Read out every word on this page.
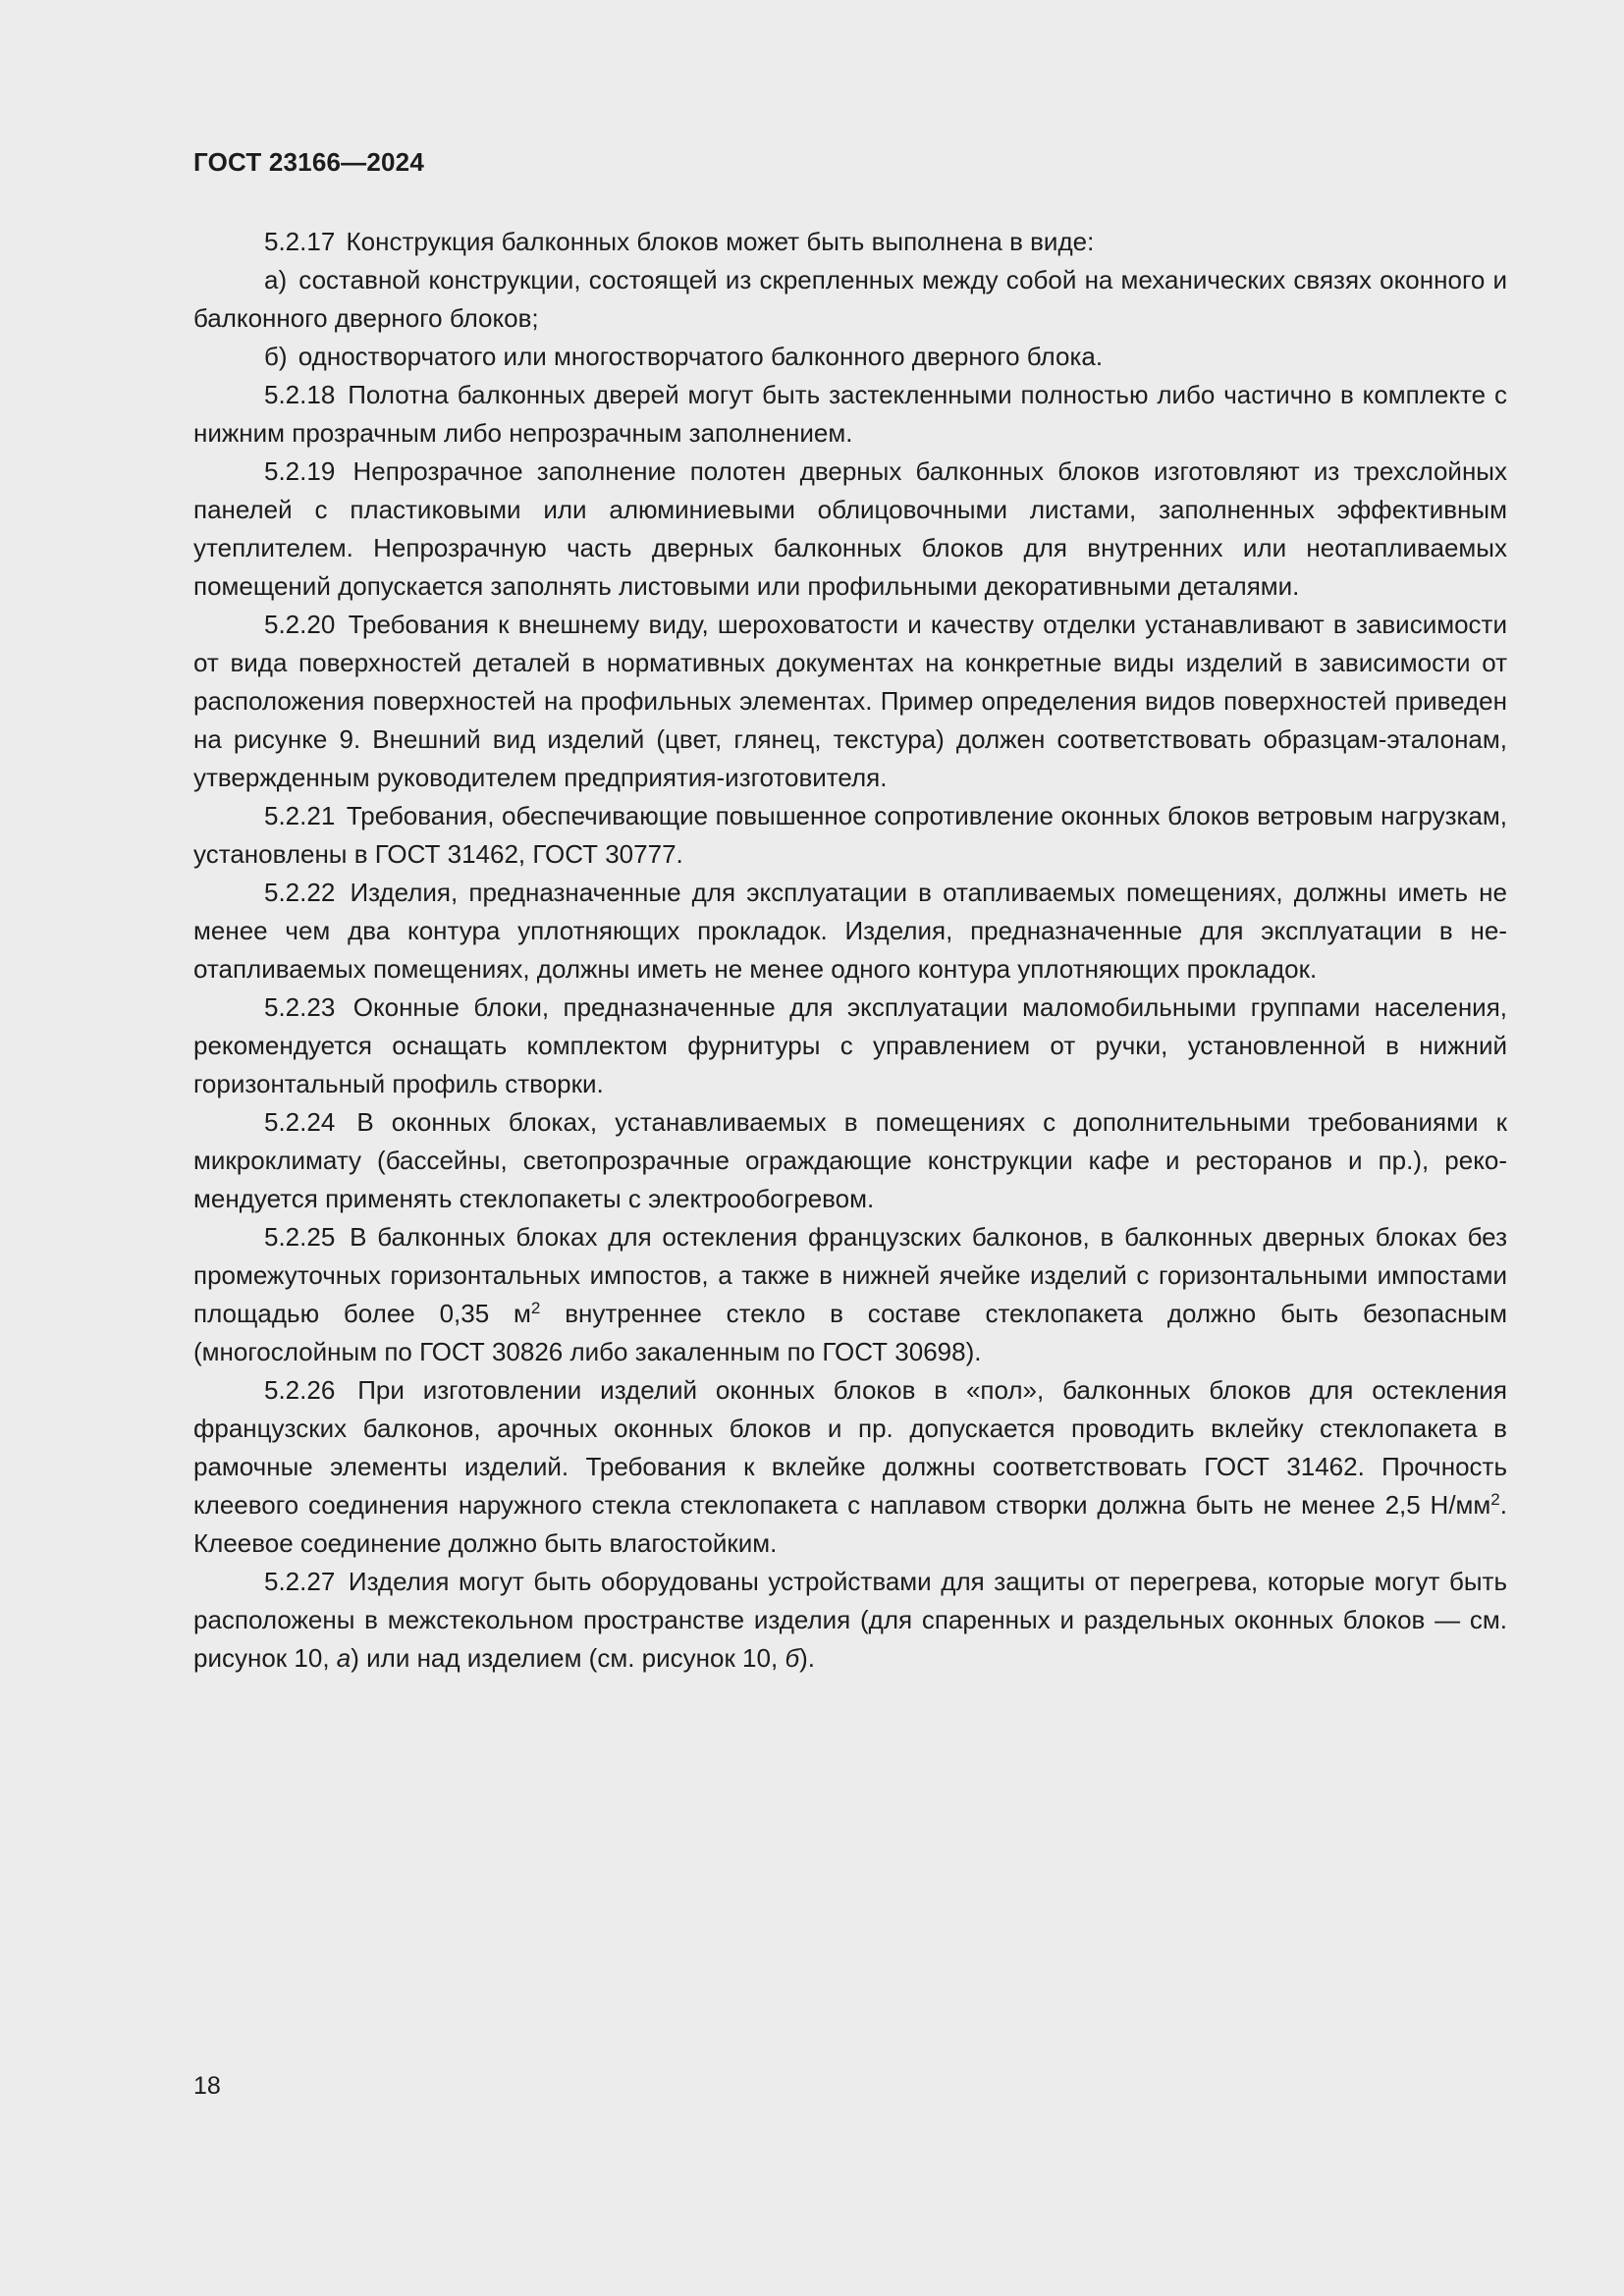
ГОСТ 23166—2024

5.2.17 Конструкция балконных блоков может быть выполнена в виде:

а) составной конструкции, состоящей из скрепленных между собой на механических связях оконного и балконного дверного блоков;

б) одностворчатого или многостворчатого балконного дверного блока.

5.2.18 Полотна балконных дверей могут быть застекленными полностью либо частично в комплекте с нижним прозрачным либо непрозрачным заполнением.

5.2.19 Непрозрачное заполнение полотен дверных балконных блоков изготовляют из трехслойных панелей с пластиковыми или алюминиевыми облицовочными листами, заполненных эффективным утеплителем. Непрозрачную часть дверных балконных блоков для внутренних или неотапливаемых помещений допускается заполнять листовыми или профильными декоративными деталями.

5.2.20 Требования к внешнему виду, шероховатости и качеству отделки устанавливают в зависимости от вида поверхностей деталей в нормативных документах на конкретные виды изделий в зависимости от расположения поверхностей на профильных элементах. Пример определения видов поверхностей приведен на рисунке 9. Внешний вид изделий (цвет, глянец, текстура) должен соответствовать образцам-эталонам, утвержденным руководителем предприятия-изготовителя.

5.2.21 Требования, обеспечивающие повышенное сопротивление оконных блоков ветровым нагрузкам, установлены в ГОСТ 31462, ГОСТ 30777.

5.2.22 Изделия, предназначенные для эксплуатации в отапливаемых помещениях, должны иметь не менее чем два контура уплотняющих прокладок. Изделия, предназначенные для эксплуатации в неотапливаемых помещениях, должны иметь не менее одного контура уплотняющих прокладок.

5.2.23 Оконные блоки, предназначенные для эксплуатации маломобильными группами населения, рекомендуется оснащать комплектом фурнитуры с управлением от ручки, установленной в нижний горизонтальный профиль створки.

5.2.24 В оконных блоках, устанавливаемых в помещениях с дополнительными требованиями к микроклимату (бассейны, светопрозрачные ограждающие конструкции кафе и ресторанов и пр.), рекомендуется применять стеклопакеты с электрообогревом.

5.2.25 В балконных блоках для остекления французских балконов, в балконных дверных блоках без промежуточных горизонтальных импостов, а также в нижней ячейке изделий с горизонтальными импостами площадью более 0,35 $м^2$ внутреннее стекло в составе стеклопакета должно быть безопасным (многослойным по ГОСТ 30826 либо закаленным по ГОСТ 30698).

5.2.26 При изготовлении изделий оконных блоков в «пол», балконных блоков для остекления французских балконов, арочных оконных блоков и пр. допускается проводить вклейку стеклопакета в рамочные элементы изделий. Требования к вклейке должны соответствовать ГОСТ 31462. Прочность клеевого соединения наружного стекла стеклопакета с наплавом створки должна быть не менее 2,5 $Н/мм^2$. Клеевое соединение должно быть влагостойким.

5.2.27 Изделия могут быть оборудованы устройствами для защиты от перегрева, которые могут быть расположены в межстекольном пространстве изделия (для спаренных и раздельных оконных блоков — см. рисунок 10, а) или над изделием (см. рисунок 10, б).

18
